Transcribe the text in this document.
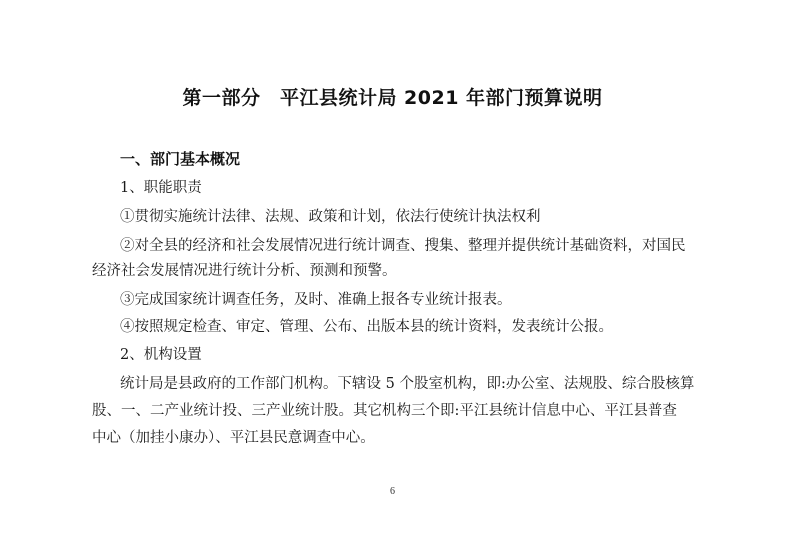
第一部分　平江县统计局 2021 年部门预算说明
一、部门基本概况
1、职能职责
①贯彻实施统计法律、法规、政策和计划，依法行使统计执法权利
②对全县的经济和社会发展情况进行统计调查、搜集、整理并提供统计基础资料，对国民
经济社会发展情况进行统计分析、预测和预警。
③完成国家统计调查任务，及时、准确上报各专业统计报表。
④按照规定检查、审定、管理、公布、出版本县的统计资料，发表统计公报。
2、机构设置
统计局是县政府的工作部门机构。下辖设 5 个股室机构，即:办公室、法规股、综合股核算
股、一、二产业统计投、三产业统计股。其它机构三个即:平江县统计信息中心、平江县普查
中心（加挂小康办）、平江县民意调查中心。
6
